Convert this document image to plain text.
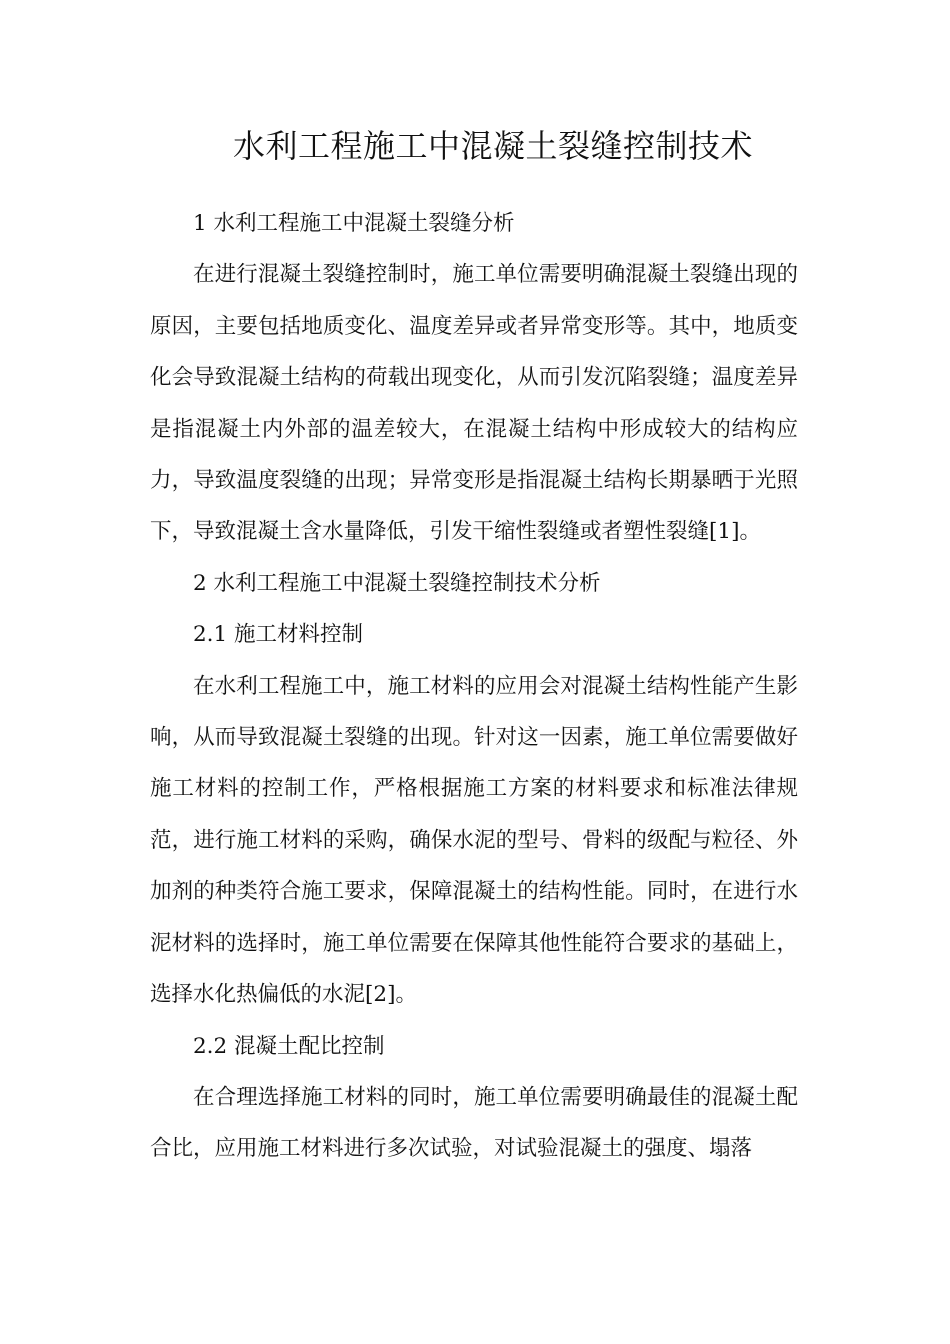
水利工程施工中混凝土裂缝控制技术

1 水利工程施工中混凝土裂缝分析

在进行混凝土裂缝控制时，施工单位需要明确混凝土裂缝出现的原因，主要包括地质变化、温度差异或者异常变形等。其中，地质变化会导致混凝土结构的荷载出现变化，从而引发沉陷裂缝；温度差异是指混凝土内外部的温差较大，在混凝土结构中形成较大的结构应力，导致温度裂缝的出现；异常变形是指混凝土结构长期暴晒于光照下，导致混凝土含水量降低，引发干缩性裂缝或者塑性裂缝[1]。

2 水利工程施工中混凝土裂缝控制技术分析

2.1 施工材料控制

在水利工程施工中，施工材料的应用会对混凝土结构性能产生影响，从而导致混凝土裂缝的出现。针对这一因素，施工单位需要做好施工材料的控制工作，严格根据施工方案的材料要求和标准法律规范，进行施工材料的采购，确保水泥的型号、骨料的级配与粒径、外加剂的种类符合施工要求，保障混凝土的结构性能。同时，在进行水泥材料的选择时，施工单位需要在保障其他性能符合要求的基础上，选择水化热偏低的水泥[2]。

2.2 混凝土配比控制

在合理选择施工材料的同时，施工单位需要明确最佳的混凝土配合比，应用施工材料进行多次试验，对试验混凝土的强度、塌落
